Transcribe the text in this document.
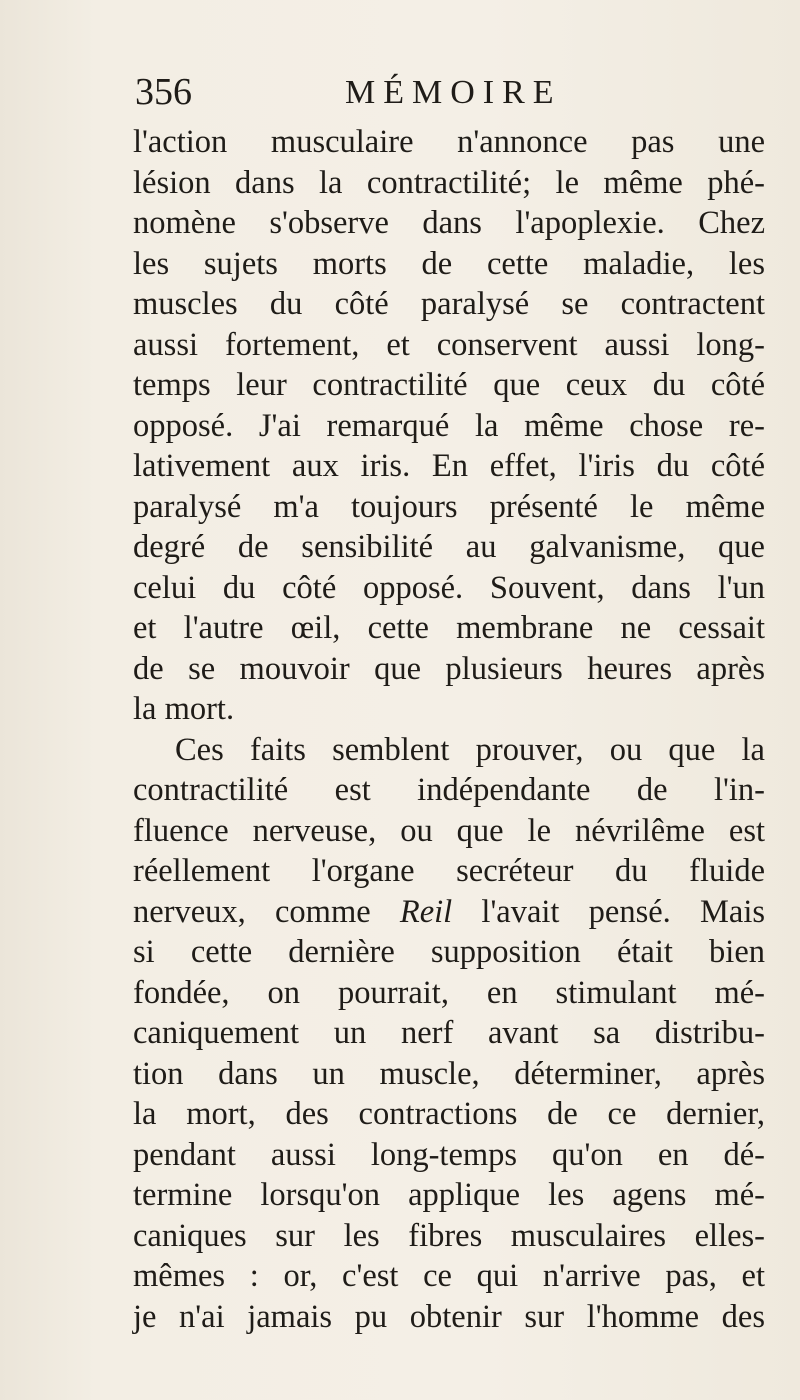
356	MÉMOIRE
l'action musculaire n'annonce pas une
lésion dans la contractilité; le même phé-
nomène s'observe dans l'apoplexie. Chez
les sujets morts de cette maladie, les
muscles du côté paralysé se contractent
aussi fortement, et conservent aussi long-
temps leur contractilité que ceux du côté
opposé. J'ai remarqué la même chose re-
lativement aux iris. En effet, l'iris du côté
paralysé m'a toujours présenté le même
degré de sensibilité au galvanisme, que
celui du côté opposé. Souvent, dans l'un
et l'autre œil, cette membrane ne cessait
de se mouvoir que plusieurs heures après
la mort.
Ces faits semblent prouver, ou que la
contractilité est indépendante de l'in-
fluence nerveuse, ou que le névrilême est
réellement l'organe secréteur du fluide
nerveux, comme Reil l'avait pensé. Mais
si cette dernière supposition était bien
fondée, on pourrait, en stimulant mé-
caniquement un nerf avant sa distribu-
tion dans un muscle, déterminer, après
la mort, des contractions de ce dernier,
pendant aussi long-temps qu'on en dé-
termine lorsqu'on applique les agens mé-
caniques sur les fibres musculaires elles-
mêmes : or, c'est ce qui n'arrive pas, et
je n'ai jamais pu obtenir sur l'homme des
